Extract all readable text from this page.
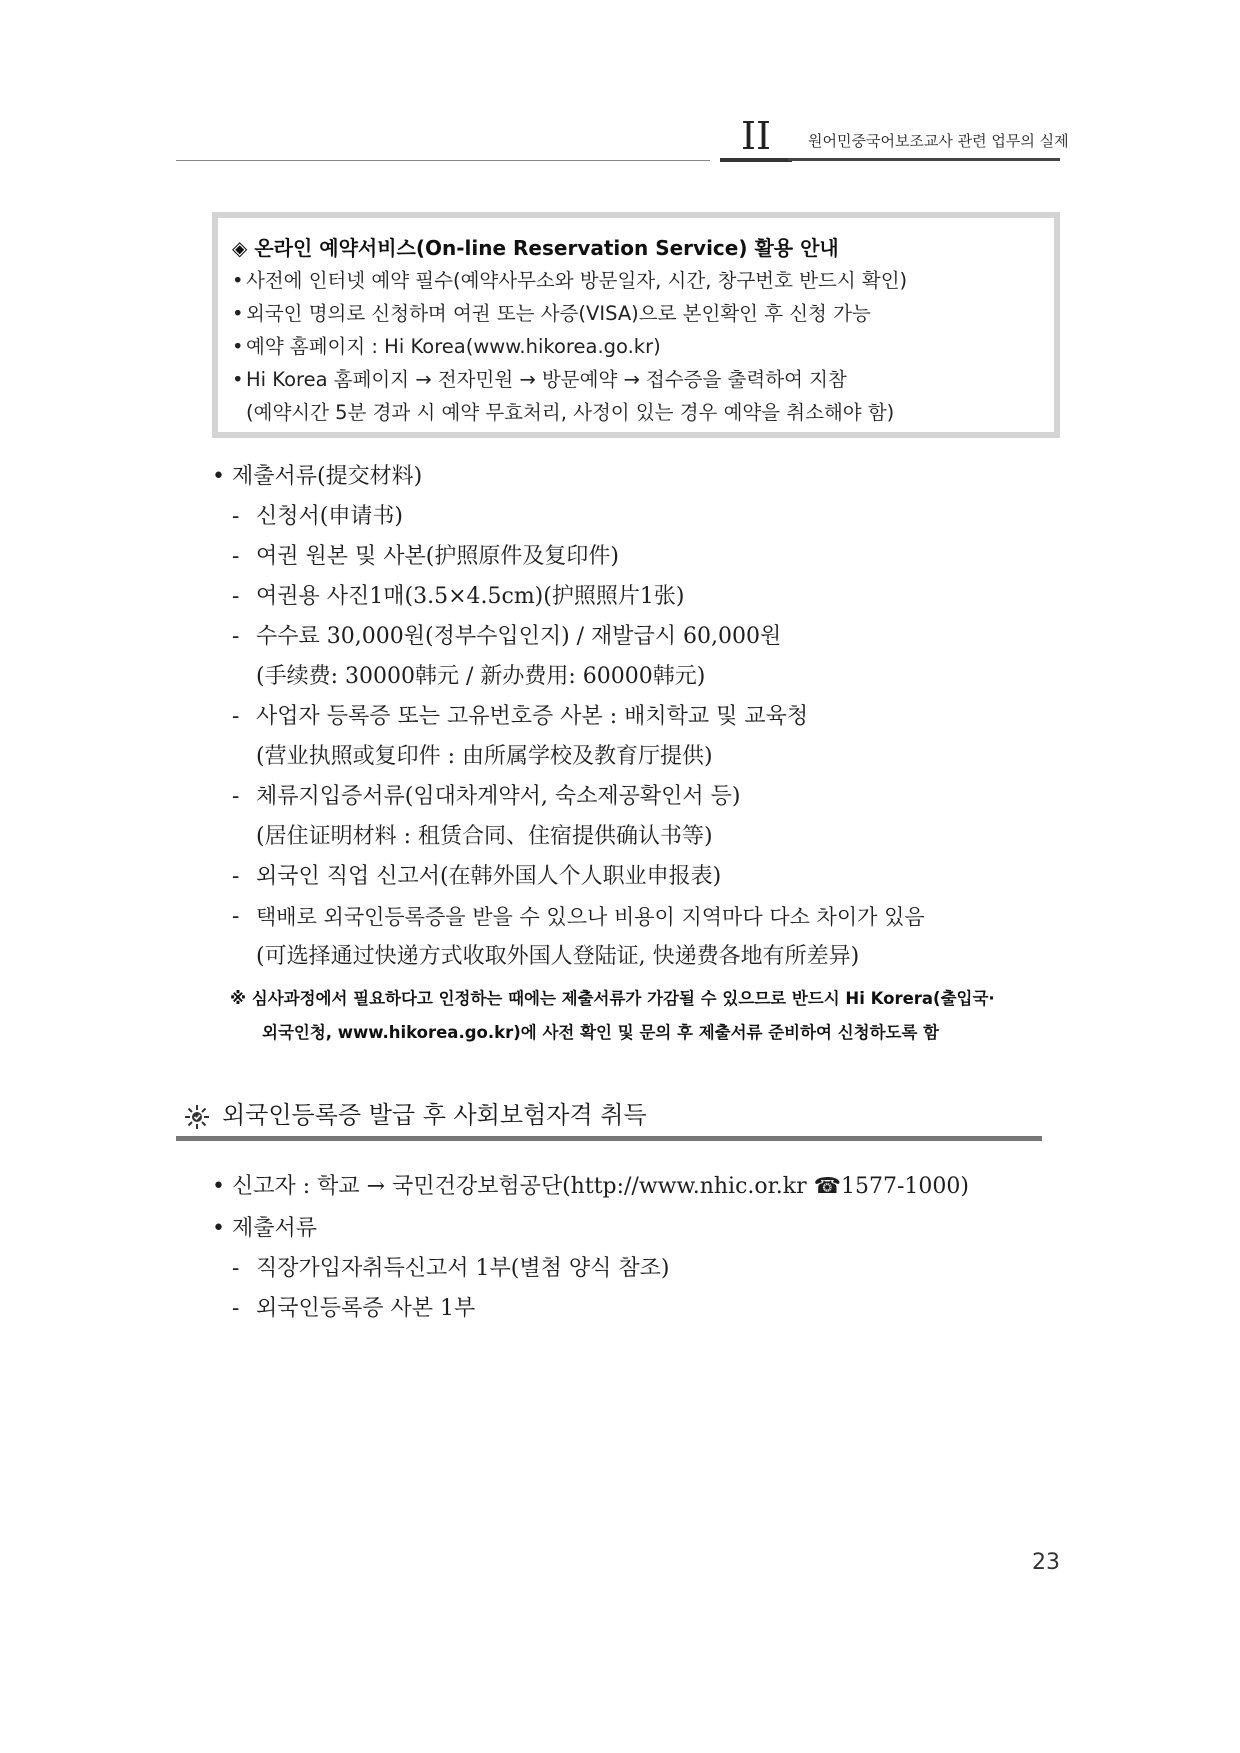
II	원어민중국어보조교사 관련 업무의 실제
◈ 온라인 예약서비스(On-line Reservation Service) 활용 안내
• 사전에 인터넷 예약 필수(예약사무소와 방문일자, 시간, 창구번호 반드시 확인)
• 외국인 명의로 신청하며 여권 또는 사증(VISA)으로 본인확인 후 신청 가능
• 예약 홈페이지 : Hi Korea(www.hikorea.go.kr)
• Hi Korea 홈페이지 → 전자민원 → 방문예약 → 접수증을 출력하여 지참
(예약시간 5분 경과 시 예약 무효처리, 사정이 있는 경우 예약을 취소해야 함)
• 제출서류(提交材料)
- 신청서(申请书)
- 여권 원본 및 사본(护照原件及复印件)
- 여권용 사진1매(3.5×4.5cm)(护照照片1张)
- 수수료 30,000원(정부수입인지) / 재발급시 60,000원
(手续费: 30000韩元 / 新办费用: 60000韩元)
- 사업자 등록증 또는 고유번호증 사본 : 배치학교 및 교육청
(营业执照或复印件 : 由所属学校及教育厅提供)
- 체류지입증서류(임대차계약서, 숙소제공확인서 등)
(居住证明材料 : 租赁合同、住宿提供确认书等)
- 외국인 직업 신고서(在韩外国人个人职业申报表)
- 택배로 외국인등록증을 받을 수 있으나 비용이 지역마다 다소 차이가 있음
(可选择通过快递方式收取外国人登陆证, 快递费各地有所差异)
※ 심사과정에서 필요하다고 인정하는 때에는 제출서류가 가감될 수 있으므로 반드시 Hi Korera(출입국·
외국인청, www.hikorea.go.kr)에 사전 확인 및 문의 후 제출서류 준비하여 신청하도록 함
외국인등록증 발급 후 사회보험자격 취득
• 신고자 : 학교 → 국민건강보험공단(http://www.nhic.or.kr ☎1577-1000)
• 제출서류
- 직장가입자취득신고서 1부(별첨 양식 참조)
- 외국인등록증 사본 1부
23
